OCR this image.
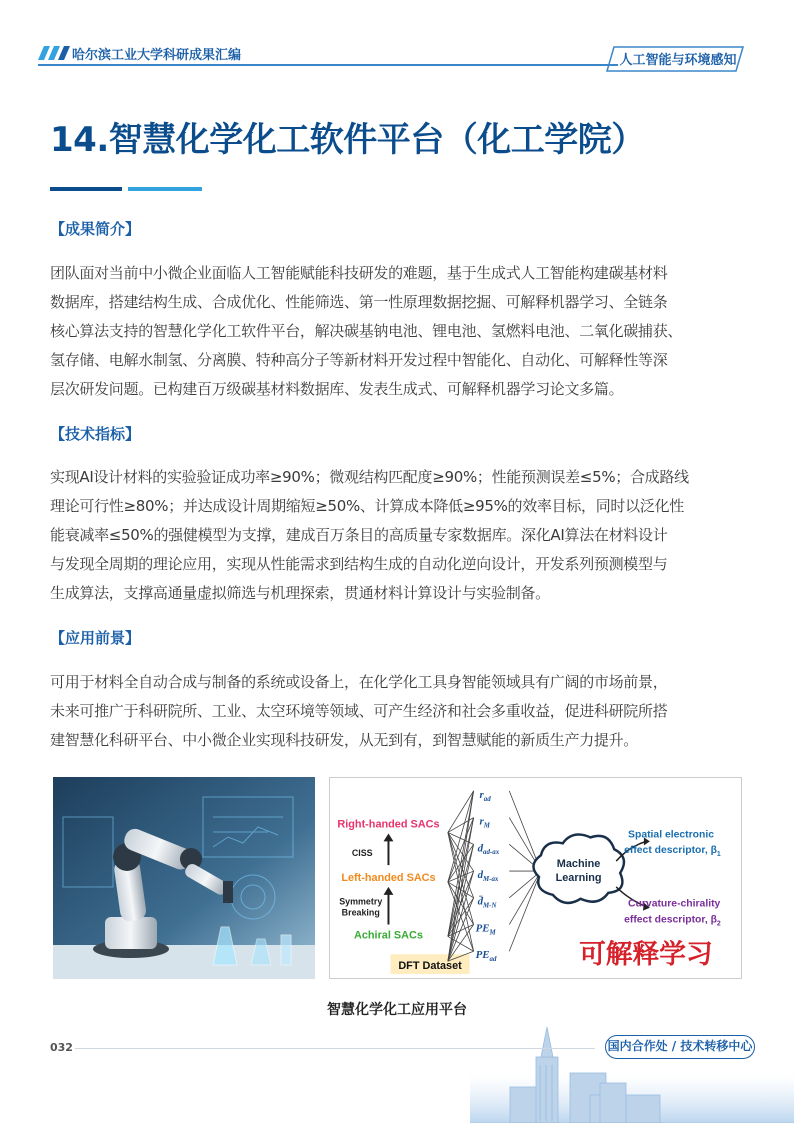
哈尔滨工业大学科研成果汇编	人工智能与环境感知
14.智慧化学化工软件平台（化工学院）
【成果简介】
团队面对当前中小微企业面临人工智能赋能科技研发的难题，基于生成式人工智能构建碳基材料
数据库，搭建结构生成、合成优化、性能筛选、第一性原理数据挖掘、可解释机器学习、全链条
核心算法支持的智慧化学化工软件平台，解决碳基钠电池、锂电池、氢燃料电池、二氧化碳捕获、
氢存储、电解水制氢、分离膜、特种高分子等新材料开发过程中智能化、自动化、可解释性等深
层次研发问题。已构建百万级碳基材料数据库、发表生成式、可解释机器学习论文多篇。
【技术指标】
实现AI设计材料的实验验证成功率≥90%；微观结构匹配度≥90%；性能预测误差≤5%；合成路线
理论可行性≥80%；并达成设计周期缩短≥50%、计算成本降低≥95%的效率目标，同时以泛化性
能衰减率≤50%的强健模型为支撑，建成百万条目的高质量专家数据库。深化AI算法在材料设计
与发现全周期的理论应用，实现从性能需求到结构生成的自动化逆向设计，开发系列预测模型与
生成算法，支撑高通量虚拟筛选与机理探索，贯通材料计算设计与实验制备。
【应用前景】
可用于材料全自动合成与制备的系统或设备上，在化学化工具身智能领域具有广阔的市场前景，
未来可推广于科研院所、工业、太空环境等领域、可产生经济和社会多重收益，促进科研院所搭
建智慧化科研平台、中小微企业实现科技研发，从无到有，到智慧赋能的新质生产力提升。
Right-handed SACs
CISS
Left-handed SACs
Symmetry
Breaking
Achiral SACs
DFT Dataset
$r_{ad}$
$r_M$
$d_{ad-ax}$
$d_{M-ax}$
$d̄_{M-N}$
$PE_M$
$PE_{ad}$
Machine
Learning
Spatial electronic
effect descriptor, $\beta_1$
Curvature-chirality
effect descriptor, $\beta_2$
可解释学习
智慧化学化工应用平台
032	国内合作处 / 技术转移中心
